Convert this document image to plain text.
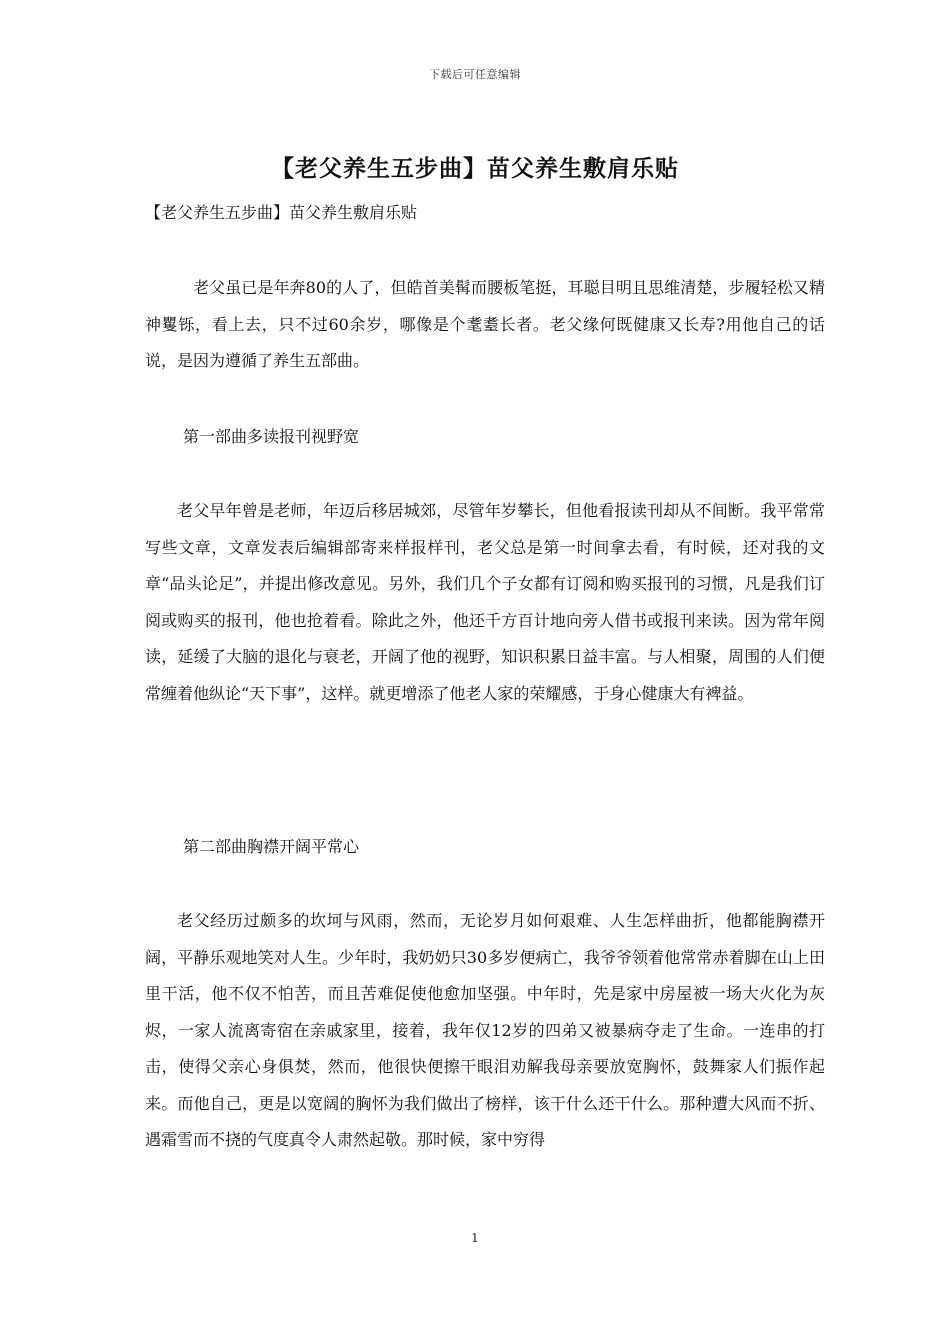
下载后可任意编辑
【老父养生五步曲】苗父养生敷肩乐贴
【老父养生五步曲】苗父养生敷肩乐贴

老父虽已是年奔80的人了，但皓首美髯而腰板笔挺，耳聪目明且思维清楚，步履轻松又精神矍铄，看上去，只不过60余岁，哪像是个耄耋长者。老父缘何既健康又长寿?用他自己的话说，是因为遵循了养生五部曲。

第一部曲多读报刊视野宽

老父早年曾是老师，年迈后移居城郊，尽管年岁攀长，但他看报读刊却从不间断。我平常常写些文章，文章发表后编辑部寄来样报样刊，老父总是第一时间拿去看，有时候，还对我的文章“品头论足”，并提出修改意见。另外，我们几个子女都有订阅和购买报刊的习惯，凡是我们订阅或购买的报刊，他也抢着看。除此之外，他还千方百计地向旁人借书或报刊来读。因为常年阅读，延缓了大脑的退化与衰老，开阔了他的视野，知识积累日益丰富。与人相聚，周围的人们便常缠着他纵论“天下事”，这样。就更增添了他老人家的荣耀感，于身心健康大有裨益。

第二部曲胸襟开阔平常心

老父经历过颇多的坎坷与风雨，然而，无论岁月如何艰难、人生怎样曲折，他都能胸襟开阔，平静乐观地笑对人生。少年时，我奶奶只30多岁便病亡，我爷爷领着他常常赤着脚在山上田里干活，他不仅不怕苦，而且苦难促使他愈加坚强。中年时，先是家中房屋被一场大火化为灰烬，一家人流离寄宿在亲戚家里，接着，我年仅12岁的四弟又被暴病夺走了生命。一连串的打击，使得父亲心身俱焚，然而，他很快便擦干眼泪劝解我母亲要放宽胸怀，鼓舞家人们振作起来。而他自己，更是以宽阔的胸怀为我们做出了榜样，该干什么还干什么。那种遭大风而不折、遇霜雪而不挠的气度真令人肃然起敬。那时候，家中穷得

1
